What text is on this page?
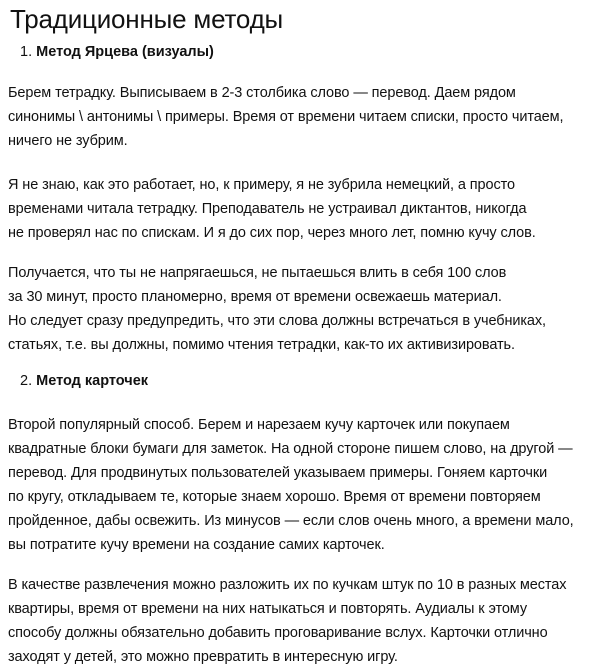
Традиционные методы
1. Метод Ярцева (визуалы)

Берем тетрадку. Выписываем в 2-3 столбика слово — перевод. Даем рядом
синонимы \ антонимы \ примеры. Время от времени читаем списки, просто читаем,
ничего не зубрим.

Я не знаю, как это работает, но, к примеру, я не зубрила немецкий, а просто
временами читала тетрадку. Преподаватель не устраивал диктантов, никогда
не проверял нас по спискам. И я до сих пор, через много лет, помню кучу слов.

Получается, что ты не напрягаешься, не пытаешься влить в себя 100 слов
за 30 минут, просто планомерно, время от времени освежаешь материал.
Но следует сразу предупредить, что эти слова должны встречаться в учебниках,
статьях, т.е. вы должны, помимо чтения тетрадки, как-то их активизировать.

2. Метод карточек

Второй популярный способ. Берем и нарезаем кучу карточек или покупаем
квадратные блоки бумаги для заметок. На одной стороне пишем слово, на другой —
перевод. Для продвинутых пользователей указываем примеры. Гоняем карточки
по кругу, откладываем те, которые знаем хорошо. Время от времени повторяем
пройденное, дабы освежить. Из минусов — если слов очень много, а времени мало,
вы потратите кучу времени на создание самих карточек.

В качестве развлечения можно разложить их по кучкам штук по 10 в разных местах
квартиры, время от времени на них натыкаться и повторять. Аудиалы к этому
способу должны обязательно добавить проговаривание вслух. Карточки отлично
заходят у детей, это можно превратить в интересную игру.
